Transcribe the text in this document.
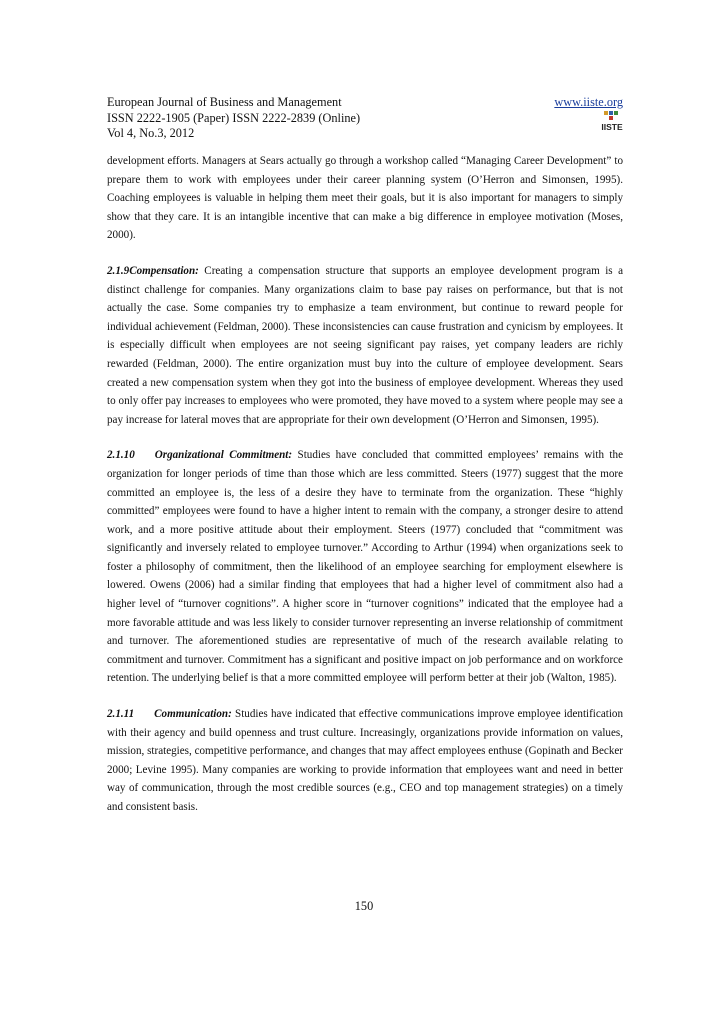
European Journal of Business and Management
ISSN 2222-1905 (Paper) ISSN 2222-2839 (Online)
Vol 4, No.3, 2012
www.iiste.org
IISTE

development efforts. Managers at Sears actually go through a workshop called “Managing Career Development” to prepare them to work with employees under their career planning system (O’Herron and Simonsen, 1995). Coaching employees is valuable in helping them meet their goals, but it is also important for managers to simply show that they care. It is an intangible incentive that can make a big difference in employee motivation (Moses, 2000).

2.1.9Compensation: Creating a compensation structure that supports an employee development program is a distinct challenge for companies. Many organizations claim to base pay raises on performance, but that is not actually the case. Some companies try to emphasize a team environment, but continue to reward people for individual achievement (Feldman, 2000). These inconsistencies can cause frustration and cynicism by employees. It is especially difficult when employees are not seeing significant pay raises, yet company leaders are richly rewarded (Feldman, 2000). The entire organization must buy into the culture of employee development. Sears created a new compensation system when they got into the business of employee development. Whereas they used to only offer pay increases to employees who were promoted, they have moved to a system where people may see a pay increase for lateral moves that are appropriate for their own development (O’Herron and Simonsen, 1995).

2.1.10 Organizational Commitment: Studies have concluded that committed employees’ remains with the organization for longer periods of time than those which are less committed. Steers (1977) suggest that the more committed an employee is, the less of a desire they have to terminate from the organization. These “highly committed” employees were found to have a higher intent to remain with the company, a stronger desire to attend work, and a more positive attitude about their employment. Steers (1977) concluded that “commitment was significantly and inversely related to employee turnover.” According to Arthur (1994) when organizations seek to foster a philosophy of commitment, then the likelihood of an employee searching for employment elsewhere is lowered. Owens (2006) had a similar finding that employees that had a higher level of commitment also had a higher level of “turnover cognitions”. A higher score in “turnover cognitions” indicated that the employee had a more favorable attitude and was less likely to consider turnover representing an inverse relationship of commitment and turnover. The aforementioned studies are representative of much of the research available relating to commitment and turnover. Commitment has a significant and positive impact on job performance and on workforce retention. The underlying belief is that a more committed employee will perform better at their job (Walton, 1985).

2.1.11 Communication: Studies have indicated that effective communications improve employee identification with their agency and build openness and trust culture. Increasingly, organizations provide information on values, mission, strategies, competitive performance, and changes that may affect employees enthuse (Gopinath and Becker 2000; Levine 1995). Many companies are working to provide information that employees want and need in better way of communication, through the most credible sources (e.g., CEO and top management strategies) on a timely and consistent basis.

150
